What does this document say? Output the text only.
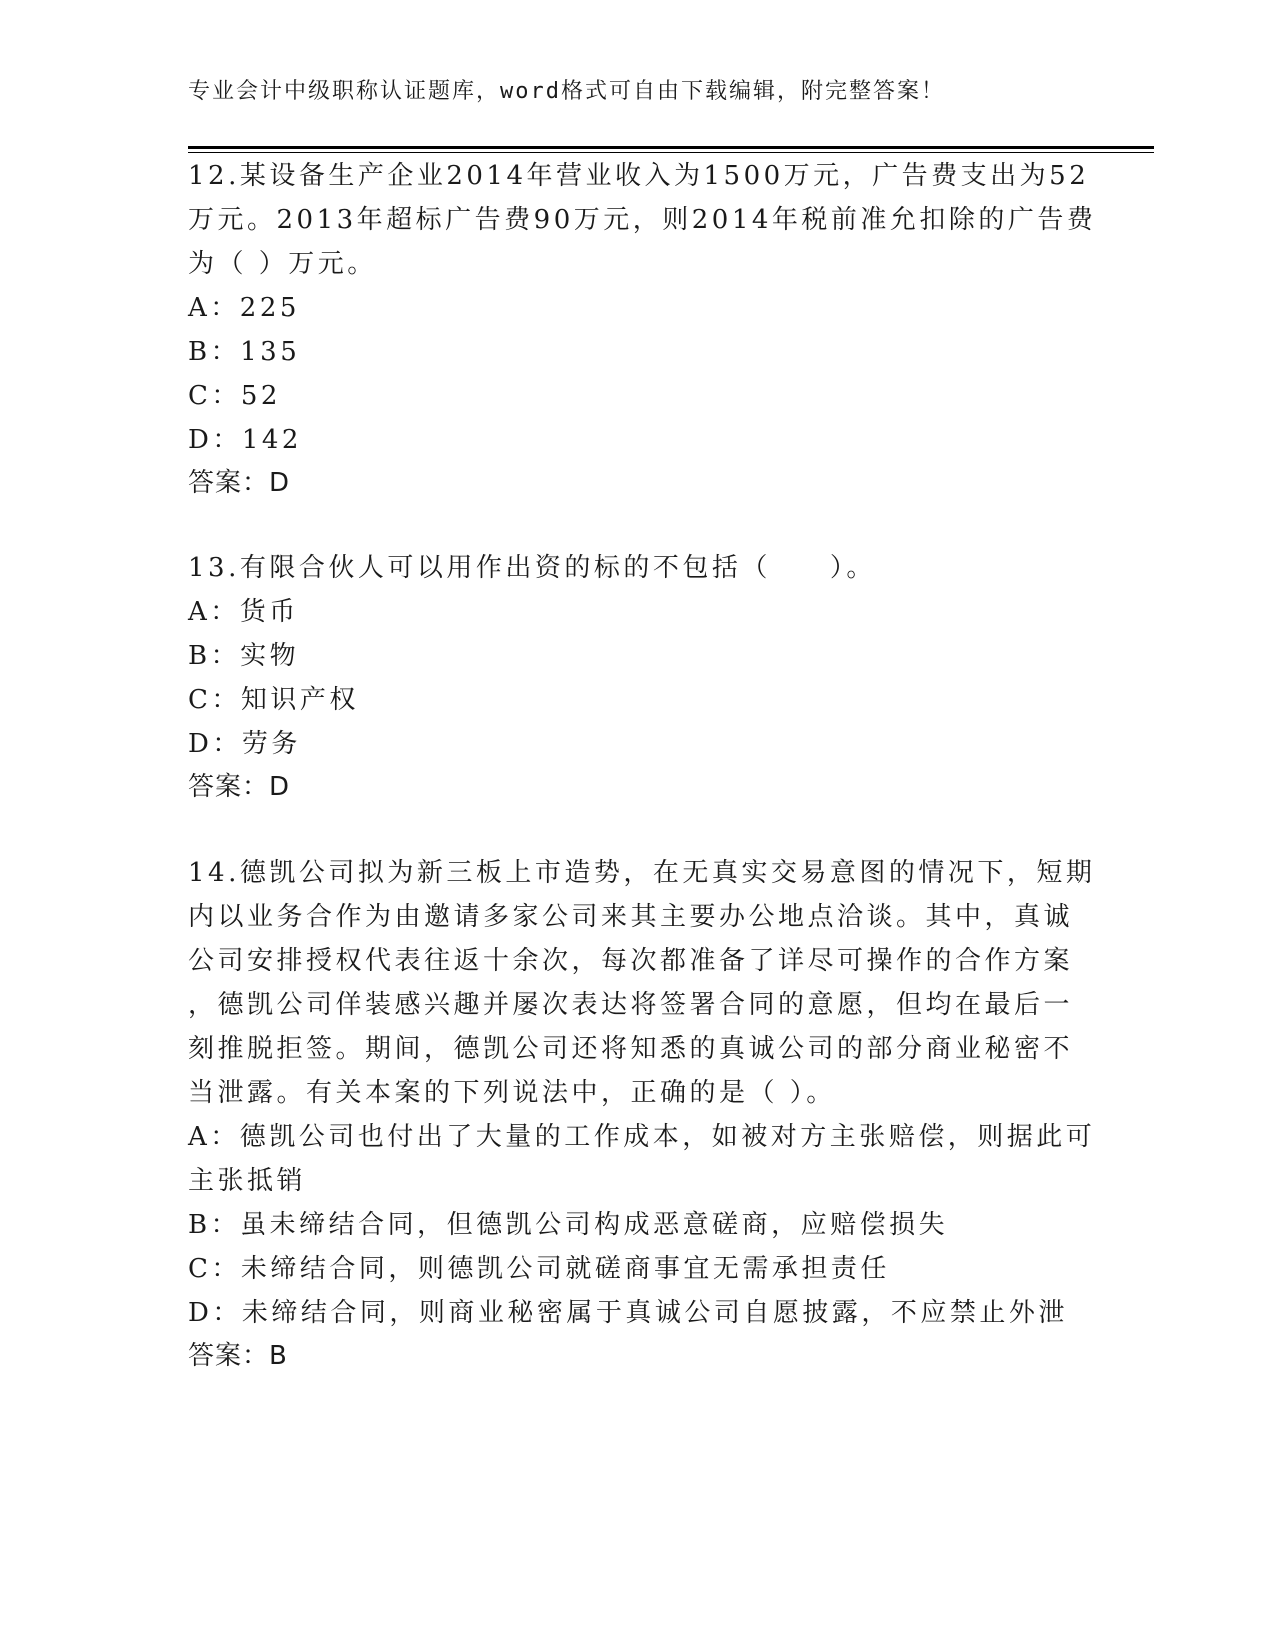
专业会计中级职称认证题库，word格式可自由下载编辑，附完整答案！
12.某设备生产企业2014年营业收入为1500万元，广告费支出为52
万元。2013年超标广告费90万元，则2014年税前准允扣除的广告费
为（ ）万元。
A：225
B：135
C：52
D：142
答案：D
13.有限合伙人可以用作出资的标的不包括（　　）。
A：货币
B：实物
C：知识产权
D：劳务
答案：D
14.德凯公司拟为新三板上市造势，在无真实交易意图的情况下，短期
内以业务合作为由邀请多家公司来其主要办公地点洽谈。其中，真诚
公司安排授权代表往返十余次，每次都准备了详尽可操作的合作方案
，德凯公司佯装感兴趣并屡次表达将签署合同的意愿，但均在最后一
刻推脱拒签。期间，德凯公司还将知悉的真诚公司的部分商业秘密不
当泄露。有关本案的下列说法中，正确的是（ ）。
A：德凯公司也付出了大量的工作成本，如被对方主张赔偿，则据此可
主张抵销
B：虽未缔结合同，但德凯公司构成恶意磋商，应赔偿损失
C：未缔结合同，则德凯公司就磋商事宜无需承担责任
D：未缔结合同，则商业秘密属于真诚公司自愿披露，不应禁止外泄
答案：B
